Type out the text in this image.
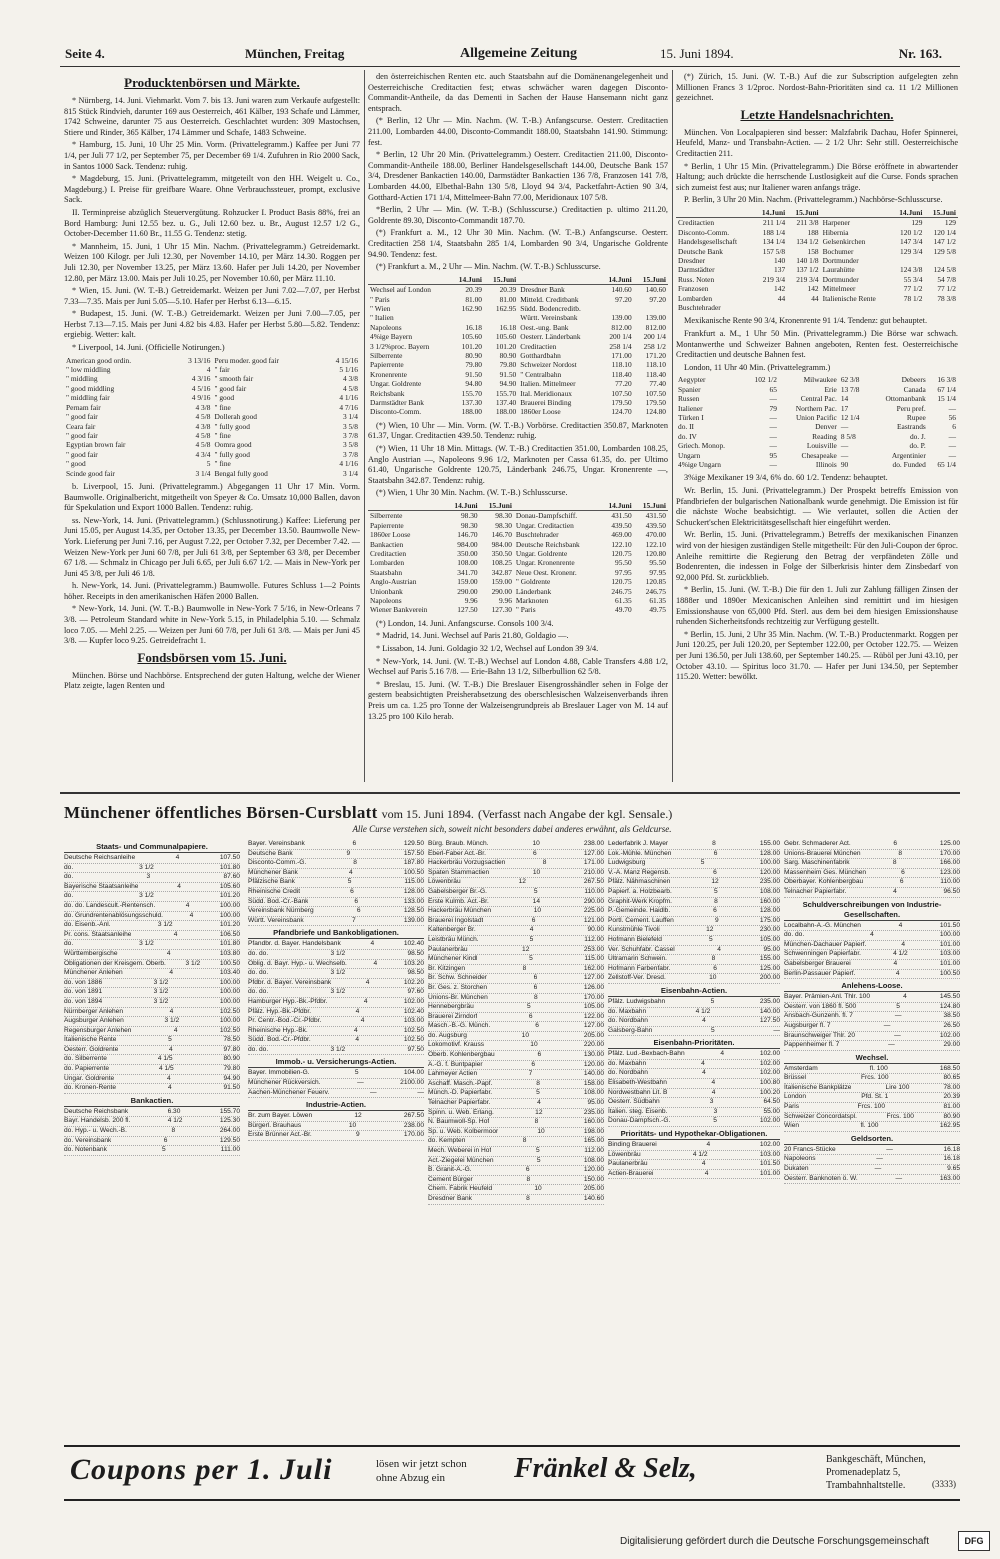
Seite 4.	München, Freitag	Allgemeine Zeitung	15. Juni 1894.	Nr. 163.
Producktenbörsen und Märkte.
* Nürnberg, 14. Juni. Viehmarkt. Vom 7. bis 13. Juni waren zum Verkaufe aufgestellt: 815 Stück Rindvieh, darunter 169 aus Oesterreich, 461 Kälber, 193 Schafe und Lämmer, 1742 Schweine, darunter 75 aus Oesterreich. Geschlachtet wurden: 309 Mastochsen, Stiere und Rinder, 365 Kälber, 174 Lämmer und Schafe, 1483 Schweine.
* Hamburg, 15. Juni, 10 Uhr 25 Min. Vorm. (Privattelegramm.) Kaffee per Juni 77 1/4, per Juli 77 1/2, per September 75, per December 69 1/4. Zufuhren in Rio 2000 Sack, in Santos 1000 Sack. Tendenz: ruhig.
* Magdeburg, 15. Juni. (Privattelegramm, mitgeteilt von den HH. Weigelt u. Co., Magdeburg.) I. Preise für greifbare Waare. Ohne Verbrauchssteuer, prompt, exclusive Sack.
II. Terminpreise abzüglich Steuervergütung. Rohzucker I. Product Basis 88%, frei an Bord Hamburg: Juni 12.55 bez. u. G., Juli 12.60 bez. u. Br., August 12.57 1/2 G., October-December 11.60 Br., 11.55 G. Tendenz: stetig.
* Mannheim, 15. Juni, 1 Uhr 15 Min. Nachm. (Privattelegramm.) Getreidemarkt. Weizen 100 Kilogr. per Juli 12.30, per November 14.10, per März 14.30. Roggen per Juli 12.30, per November 13.25, per März 13.60. Hafer per Juli 14.20, per November 12.80, per März 13.00. Mais per Juli 10.25, per November 10.60, per März 11.10.
* Wien, 15. Juni. (W. T.-B.) Getreidemarkt. Weizen per Juni 7.02—7.07, per Herbst 7.33—7.35. Mais per Juni 5.05—5.10. Hafer per Herbst 6.13—6.15.
* Budapest, 15. Juni. (W. T.-B.) Getreidemarkt. Weizen per Juni 7.00—7.05, per Herbst 7.13—7.15. Mais per Juni 4.82 bis 4.83. Hafer per Herbst 5.80—5.82. Tendenz: ergiebig. Wetter: kalt.
* Liverpool, 14. Juni. (Officielle Notirungen.)
American good ordin.	3 13/16	Peru moder. good fair	4 15/16
" low middling	4	" fair	5 1/16
" middling	4 3/16	" smooth fair	4 3/8
" good middling	4 5/16	" good fair	4 5/8
" middling fair	4 9/16	" good	4 1/16
Pernam fair	4 3/8	" fine	4 7/16
" good fair	4 5/8	Dollerah good	3 1/4
Ceara fair	4 3/8	" fully good	3 5/8
" good fair	4 5/8	" fine	3 7/8
Egyptian brown fair	4 5/8	Oomra good	3 5/8
" good fair	4 3/4	" fully good	3 7/8
" good	5	" fine	4 1/16
Scinde good fair	3 1/4	Bengal fully good	3 1/4
b. Liverpool, 15. Juni. (Privattelegramm.) Abgegangen 11 Uhr 17 Min. Vorm. Baumwolle. Originalbericht, mitgetheilt von Speyer & Co. Umsatz 10,000 Ballen, davon für Spekulation und Export 1000 Ballen. Tendenz: ruhig.
ss. New-York, 14. Juni. (Privattelegramm.) (Schlussnotirung.) Kaffee: Lieferung per Juni 15.05, per August 14.35, per October 13.35, per December 13.50. Baumwolle New-York. Lieferung per Juni 7.16, per August 7.22, per October 7.32, per December 7.42. — Weizen New-York per Juni 60 7/8, per Juli 61 3/8, per September 63 3/8, per December 67 1/8. — Schmalz in Chicago per Juli 6.65, per Juli 6.67 1/2. — Mais in New-York per Juni 45 3/8, per Juli 46 1/8.
h. New-York, 14. Juni. (Privattelegramm.) Baumwolle. Futures Schluss 1—2 Points höher. Receipts in den amerikanischen Häfen 2000 Ballen.
* New-York, 14. Juni. (W. T.-B.) Baumwolle in New-York 7 5/16, in New-Orleans 7 3/8. — Petroleum Standard white in New-York 5.15, in Philadelphia 5.10. — Schmalz loco 7.05. — Mehl 2.25. — Weizen per Juni 60 7/8, per Juli 61 3/8. — Mais per Juni 45 3/8. — Kupfer loco 9.25. Getreidefracht 1.
Fondsbörsen vom 15. Juni.
München. Börse und Nachbörse. Entsprechend der guten Haltung, welche der Wiener Platz zeigte, lagen Renten und
den österreichischen Renten etc. auch Staatsbahn auf die Domänenangelegenheit und Oesterreichische Creditactien fest; etwas schwächer waren dagegen Disconto-Commandit-Antheile, da das Dementi in Sachen der Hause Hansemann nicht ganz entsprach.
(* Berlin, 12 Uhr — Min. Nachm. (W. T.-B.) Anfangscurse. Oesterr. Creditactien 211.00, Lombarden 44.00, Disconto-Commandit 188.00, Staatsbahn 141.90. Stimmung: fest.
* Berlin, 12 Uhr 20 Min. (Privattelegramm.) Oesterr. Creditactien 211.00, Disconto-Commandit-Antheile 188.00, Berliner Handelsgesellschaft 144.00, Deutsche Bank 157 3/4, Dresdener Bankactien 140.00, Darmstädter Bankactien 136 7/8, Franzosen 141 7/8, Lombarden 44.00, Elbethal-Bahn 130 5/8, Lloyd 94 3/4, Packetfahrt-Actien 90 3/4, Gotthard-Actien 171 1/4, Mittelmeer-Bahn 77.00, Meridionaux 107 5/8.
*Berlin, 2 Uhr — Min. (W. T.-B.) (Schlusscurse.) Creditactien p. ultimo 211.20, Goldrente 89.30, Disconto-Commandit 187.70.
(*) Frankfurt a. M., 12 Uhr 30 Min. Nachm. (W. T.-B.) Anfangscurse. Oesterr. Creditactien 258 1/4, Staatsbahn 285 1/4, Lombarden 90 3/4, Ungarische Goldrente 94.90. Tendenz: fest.
(*) Frankfurt a. M., 2 Uhr — Min. Nachm. (W. T.-B.) Schlusscurse.
	14.Juni	15.Juni		14.Juni	15.Juni
Wechsel auf London	20.39	20.39	Dresdner Bank	140.60	140.60
" Paris	81.00	81.00	Mitteld. Creditbank	97.20	97.20
" Wien	162.90	162.95	Südd. Bodencreditb.		
" Italien			Württ. Vereinsbank	139.00	139.00
Napoleons	16.18	16.18	Oest.-ung. Bank	812.00	812.00
4%ige Bayern	105.60	105.60	Oesterr. Länderbank	200 1/4	200 1/4
3 1/2%proc. Bayern	101.20	101.20	Creditactien	258 1/4	258 1/2
Silberrente	80.90	80.90	Gotthardbahn	171.00	171.20
Papierrente	79.80	79.80	Schweizer Nordost	118.10	118.10
Kronenrente	91.50	91.50	" Centralbahn	118.40	118.40
Ungar. Goldrente	94.80	94.90	Italien. Mittelmeer	77.20	77.40
Reichsbank	155.70	155.70	Ital. Meridionaux	107.50	107.50
Darmstädter Bank	137.30	137.40	Brauerei Binding	179.50	179.50
Disconto-Comm.	188.00	188.00	1860er Loose	124.70	124.80
(*) Wien, 10 Uhr — Min. Vorm. (W. T.-B.) Vorbörse. Creditactien 350.87, Marknoten 61.37, Ungar. Creditactien 439.50. Tendenz: ruhig.
(*) Wien, 11 Uhr 18 Min. Mittags. (W. T.-B.) Creditactien 351.00, Lombarden 108.25, Anglo Austrian —, Napoleons 9.96 1/2, Marknoten per Cassa 61.35, do. per Ultimo 61.40, Ungarische Goldrente 120.75, Länderbank 246.75, Ungar. Kronenrente —, Staatsbahn 342.87. Tendenz: ruhig.
(*) Wien, 1 Uhr 30 Min. Nachm. (W. T.-B.) Schlusscurse.
	14.Juni	15.Juni		14.Juni	15.Juni
Silberrente	98.30	98.30	Donau-Dampfschiff.	431.50	431.50
Papierrente	98.30	98.30	Ungar. Creditactien	439.50	439.50
1860er Loose	146.70	146.70	Buschtehrader	469.00	470.00
Bankactien	984.00	984.00	Deutsche Reichsbank	122.10	122.10
Creditactien	350.00	350.50	Ungar. Goldrente	120.75	120.80
Lombarden	108.00	108.25	Ungar. Kronenrente	95.50	95.50
Staatsbahn	341.70	342.87	Neue Oest. Kronenr.	97.95	97.95
Anglo-Austrian	159.00	159.00	" Goldrente	120.75	120.85
Unionbank	290.00	290.00	Länderbank	246.75	246.75
Napoleons	9.96	9.96	Marknoten	61.35	61.35
Wiener Bankverein	127.50	127.30	" Paris	49.70	49.75
(*) London, 14. Juni. Anfangscurse. Consols 100 3/4.
* Madrid, 14. Juni. Wechsel auf Paris 21.80, Goldagio —.
* Lissabon, 14. Juni. Goldagio 32 1/2, Wechsel auf London 39 3/4.
* New-York, 14. Juni. (W. T.-B.) Wechsel auf London 4.88, Cable Transfers 4.88 1/2, Wechsel auf Paris 5.16 7/8. — Erie-Bahn 13 1/2, Silberbullion 62 5/8.
* Breslau, 15. Juni. (W. T.-B.) Die Breslauer Eisengrosshändler sehen in Folge der gestern beabsichtigten Preisherabsetzung des oberschlesischen Walzeisenverbands ihren Preis um ca. 1.25 pro Tonne der Walzeisengrundpreis ab Breslauer Lager von M. 14 auf 13.25 pro 100 Kilo herab.
(*) Zürich, 15. Juni. (W. T.-B.) Auf die zur Subscription aufgelegten zehn Millionen Francs 3 1/2proc. Nordost-Bahn-Prioritäten sind ca. 11 1/2 Millionen gezeichnet.
Letzte Handelsnachrichten.
München. Von Localpapieren sind besser: Malzfabrik Dachau, Hofer Spinnerei, Heufeld, Manz- und Transbahn-Actien. — 2 1/2 Uhr: Sehr still. Oesterreichische Creditactien 211.
* Berlin, 1 Uhr 15 Min. (Privattelegramm.) Die Börse eröffnete in abwartender Haltung; auch drückte die herrschende Lustlosigkeit auf die Curse. Fonds sprachen sich zumeist fest aus; nur Italiener waren anfangs träge.
P. Berlin, 3 Uhr 20 Min. Nachm. (Privattelegramm.) Nachbörse-Schlusscurse.
	14.Juni	15.Juni		14.Juni	15.Juni
Creditactien	211 1/4	211 3/8	Harpener	129	129
Disconto-Comm.	188 1/4	188	Hibernia	120 1/2	120 1/4
Handelsgesellschaft	134 1/4	134 1/2	Gelsenkirchen	147 3/4	147 1/2
Deutsche Bank	157 5/8	158	Bochumer	129 3/4	129 5/8
Dresdner	140	140 1/8	Dortmunder		
Darmstädter	137	137 1/2	Laurahütte	124 3/8	124 5/8
Russ. Noten	219 3/4	219 3/4	Dortmunder	55 3/4	54 7/8
Franzosen	142	142	Mittelmeer	77 1/2	77 1/2
Lombarden	44	44	Italienische Rente	78 1/2	78 3/8
Buschtehrader					
Mexikanische Rente 90 3/4, Kronenrente 91 1/4. Tendenz: gut behauptet.
Frankfurt a. M., 1 Uhr 50 Min. (Privattelegramm.) Die Börse war schwach. Montanwerthe und Schweizer Bahnen angeboten, Renten fest. Oesterreichische Creditactien und deutsche Bahnen fest.
London, 11 Uhr 40 Min. (Privattelegramm.)
Aegypter	102 1/2	Milwaukee	62 3/8	Debeers	16 3/8
Spanier	65	Erie	13 7/8	Canada	67 1/4
Russen	—	Central Pac.	14	Ottomanbank	15 1/4
Italiener	79	Northern Pac.	17	Peru pref.	—
Türken I	—	Union Pacific	12 1/4	Rupee	56
do. II	—	Denver	—	Eastrands	6
do. IV	—	Reading	8 5/8	do. J.	—
Griech. Monop.	—	Louisville	—	do. P.	—
Ungarn	95	Chesapeake	—	Argentinier	—
4%ige Ungarn	—	Illinois	90	do. Funded	65 1/4
3%ige Mexikaner 19 3/4, 6% do. 60 1/2. Tendenz: behauptet.
Wr. Berlin, 15. Juni. (Privattelegramm.) Der Prospekt betreffs Emission von Pfandbriefen der bulgarischen Nationalbank wurde genehmigt. Die Emission ist für die nächste Woche beabsichtigt. — Wie verlautet, sollen die Actien der Schuckert'schen Elektricitätsgesellschaft hier eingeführt werden.
Wr. Berlin, 15. Juni. (Privattelegramm.) Betreffs der mexikanischen Finanzen wird von der hiesigen zuständigen Stelle mitgetheilt: Für den Juli-Coupon der 6proc. Anleihe remittirte die Regierung den Betrag der verpfändeten Zölle und Bodenrenten, die indessen in Folge der Silberkrisis hinter dem Zinsbedarf von 92,000 Pfd. St. zurückblieb.
* Berlin, 15. Juni. (W. T.-B.) Die für den 1. Juli zur Zahlung fälligen Zinsen der 1888er und 1890er Mexicanischen Anleihen sind remittirt und im hiesigen Emissionshause von 65,000 Pfd. Sterl. aus dem bei dem hiesigen Emissionshause ruhenden Sicherheitsfonds rechtzeitig zur Verfügung gestellt.
* Berlin, 15. Juni, 2 Uhr 35 Min. Nachm. (W. T.-B.) Productenmarkt. Roggen per Juni 120.25, per Juli 120.20, per September 122.00, per October 122.75. — Weizen per Juni 136.50, per Juli 138.60, per September 140.25. — Rüböl per Juni 43.10, per October 43.10. — Spiritus loco 31.70. — Hafer per Juni 134.50, per September 115.20. Wetter: bewölkt.
Münchener öffentliches Börsen-Cursblatt vom 15. Juni 1894. (Verfasst nach Angabe der kgl. Sensale.)
Alle Curse verstehen sich, soweit nicht besonders dabei anderes erwähnt, als Geldcurse.
Staats- und Communalpapiere.
Deutsche Reichsanleihe	4	107.50
do.	3 1/2	101.80
do.	3	87.60
Bayerische Staatsanleihe	4	105.60
do.	3 1/2	101.20
do. do. Landescult.-Rentensch.	4	100.00
do. Grundrentenablösungsschuld.	4	100.00
do. Eisenb.-Anl.	3 1/2	101.20
Pr. cons. Staatsanleihe	4	106.50
do.	3 1/2	101.80
Württembergische	4	103.80
Obligationen der Kreisgem. Oberb.	3 1/2	100.50
Münchener Anlehen	4	103.40
do. von 1886	3 1/2	100.00
do. von 1891	3 1/2	100.00
do. von 1894	3 1/2	100.00
Nürnberger Anlehen	4	102.50
Augsburger Anlehen	3 1/2	100.00
Regensburger Anlehen	4	102.50
Italienische Rente	5	78.50
Oesterr. Goldrente	4	97.80
do. Silberrente	4 1/5	80.90
do. Papierrente	4 1/5	79.80
Ungar. Goldrente	4	94.90
do. Kronen-Rente	4	91.50
Bankactien.
Deutsche Reichsbank	6.30	155.70
Bayr. Handelsb. 200 fl.	4 1/2	125.30
do. Hyp.- u. Wech.-B.	8	264.00
do. Vereinsbank	6	129.50
do. Notenbank	5	111.00
Bayer. Vereinsbank	6	129.50
Deutsche Bank	9	157.50
Disconto-Comm.-G.	8	187.80
Münchener Bank	4	100.50
Pfälzische Bank	5	115.00
Rheinische Credit	6	128.00
Südd. Bod.-Cr.-Bank	6	133.00
Vereinsbank Nürnberg	6	128.50
Württ. Vereinsbank	7	139.00
Pfandbriefe und Bankobligationen.
Pfandbr. d. Bayer. Handelsbank	4	102.40
do. do.	3 1/2	98.50
Oblig. d. Bayr. Hyp.- u. Wechselb.	4	103.20
do. do.	3 1/2	98.50
Pfdbr. d. Bayer. Vereinsbank	4	102.20
do. do.	3 1/2	97.60
Hamburger Hyp.-Bk.-Pfdbr.	4	102.00
Pfälz. Hyp.-Bk.-Pfdbr.	4	102.40
Pr. Centr.-Bod.-Cr.-Pfdbr.	4	103.00
Rheinische Hyp.-Bk.	4	102.50
Südd. Bod.-Cr.-Pfdbr.	4	102.50
do. do.	3 1/2	97.50
Immob.- u. Versicherungs-Actien.
Bayer. Immobilien-G.	5	104.00
Münchener Rückversich.	—	2100.00
Aachen-Münchener Feuerv.	—	—
Industrie-Actien.
Br. zum Bayer. Löwen	12	267.50
Bürgerl. Brauhaus	10	238.00
Erste Brünner Act.-Br.	9	170.00
Bürg. Braub. Münch.	10	238.00
Eberl-Faber Act.-Br.	6	127.00
Hackerbräu Vorzugsactien	8	171.00
Spaten Stammactien	10	210.00
Löwenbräu	12	267.50
Gabelsberger Br.-G.	5	110.00
Erste Kulmb. Act.-Br.	14	290.00
Hackerbräu München	10	225.00
Brauerei Ingolstadt	6	121.00
Kaltenberger Br.	4	90.00
Leistbräu Münch.	5	112.00
Paulanerbräu	12	253.00
Münchener Kindl	5	115.00
Br. Kitzingen	8	162.00
Br. Schw. Schneider	6	127.00
Br. Ges. z. Storchen	6	126.00
Unions-Br. München	8	170.00
Hennebergbräu	5	105.00
Brauerei Zirndorf	6	122.00
Masch.-B.-G. Münch.	6	127.00
do. Augsburg	10	205.00
Lokomotivf. Krauss	10	220.00
Oberb. Kohlenbergbau	6	130.00
A.-G. f. Buntpapier	6	120.00
Lahmeyer Actien	7	140.00
Aschaff. Masch.-Papf.	8	158.00
Münch.-D. Papierfabr.	5	108.00
Telnacher Papierfabr.	4	95.00
Spinn. u. Web. Erlang.	12	235.00
N. Baumwoll-Sp. Hof	8	160.00
Sp. u. Web. Kolbermoor	10	198.00
do. Kempten	8	165.00
Mech. Weberei in Hof	5	112.00
Act.-Ziegelei München	5	108.00
B. Granit-A.-G.	6	120.00
Cement Bürger	8	150.00
Chem. Fabrik Heufeld	10	205.00
Dresdner Bank	8	140.60
Lederfabrik J. Mayer	8	155.00
Lok.-Mühle. München	6	128.00
Ludwigsburg	5	100.00
V.-A. Manz Regensb.	6	120.00
Pfälz. Nähmaschinen	12	235.00
Papierf. a. Holzbearb.	5	108.00
Graphit-Werk Kropfm.	8	160.00
P.-Gemeinde. Haidlb.	6	128.00
Portl. Cement. Lauffen	9	175.00
Kunstmühle Tivoli	12	230.00
Hofmann Bielefeld	5	105.00
Ver. Schuhfabr. Cassel	4	95.00
Ultramarin Schwein.	8	155.00
Hofmann Farbenfabr.	6	125.00
Zellstoff-Ver. Dresd.	10	200.00
Eisenbahn-Actien.
Pfälz. Ludwigsbahn	5	235.00
do. Maxbahn	4 1/2	140.00
do. Nordbahn	4	127.50
Galsberg-Bahn	5	—
Eisenbahn-Prioritäten.
Pfälz. Lud.-Bexbach-Bahn	4	102.00
do. Maxbahn	4	102.00
do. Nordbahn	4	102.00
Elisabeth-Westbahn	4	100.80
Nordwestbahn Lit. B	4	100.20
Oesterr. Südbahn	3	64.50
Italien. steg. Eisenb.	3	55.00
Donau-Dampfsch.-G.	5	102.00
Prioritäts- und Hypothekar-Obligationen.
Binding Brauerei	4	102.00
Löwenbräu	4 1/2	103.00
Paulanerbräu	4	101.50
Actien-Brauerei	4	101.00
Gebr. Schmaderer Act.	6	125.00
Unions-Brauerei München	8	170.00
Sarg. Maschinenfabrik	8	166.00
Massenheim Ges. München	6	123.00
Oberbayer. Kohlenbergbau	6	110.00
Telnacher Papierfabr.	4	96.50
Schuldverschreibungen von Industrie-Gesellschaften.
Localbahn-A.-G. München	4	101.50
do. do.	4	100.00
München-Dachauer Papierf.	4	101.00
Schwenningen Papierfabr.	4 1/2	103.00
Gabelsberger Brauerei	4	101.00
Berlin-Passauer Papierf.	4	100.50
Anlehens-Loose.
Bayer. Prämien-Anl. Thlr. 100	4	145.50
Oesterr. von 1860 fl. 500	5	124.80
Ansbach-Gunzenh. fl. 7	—	38.50
Augsburger fl. 7	—	26.50
Braunschweiger Thlr. 20	—	102.00
Pappenheimer fl. 7	—	29.00
Wechsel.
Amsterdam	fl. 100	168.50
Brüssel	Frcs. 100	80.65
Italienische Bankplätze	Lire 100	78.00
London	Pfd. St. 1	20.39
Paris	Frcs. 100	81.00
Schweizer Concordatspl.	Frcs. 100	80.90
Wien	fl. 100	162.95
Geldsorten.
20 Francs-Stücke	—	16.18
Napoleons	—	16.18
Dukaten	—	9.65
Oesterr. Banknoten ö. W.	—	163.00
Coupons per 1. Juli	lösen wir jetzt schon
ohne Abzug ein	Fränkel & Selz,	Bankgeschäft, München, Promenadeplatz 5,
Trambahnhaltstelle.	(3333)
Digitalisierung gefördert durch die Deutsche Forschungsgemeinschaft	DFG
